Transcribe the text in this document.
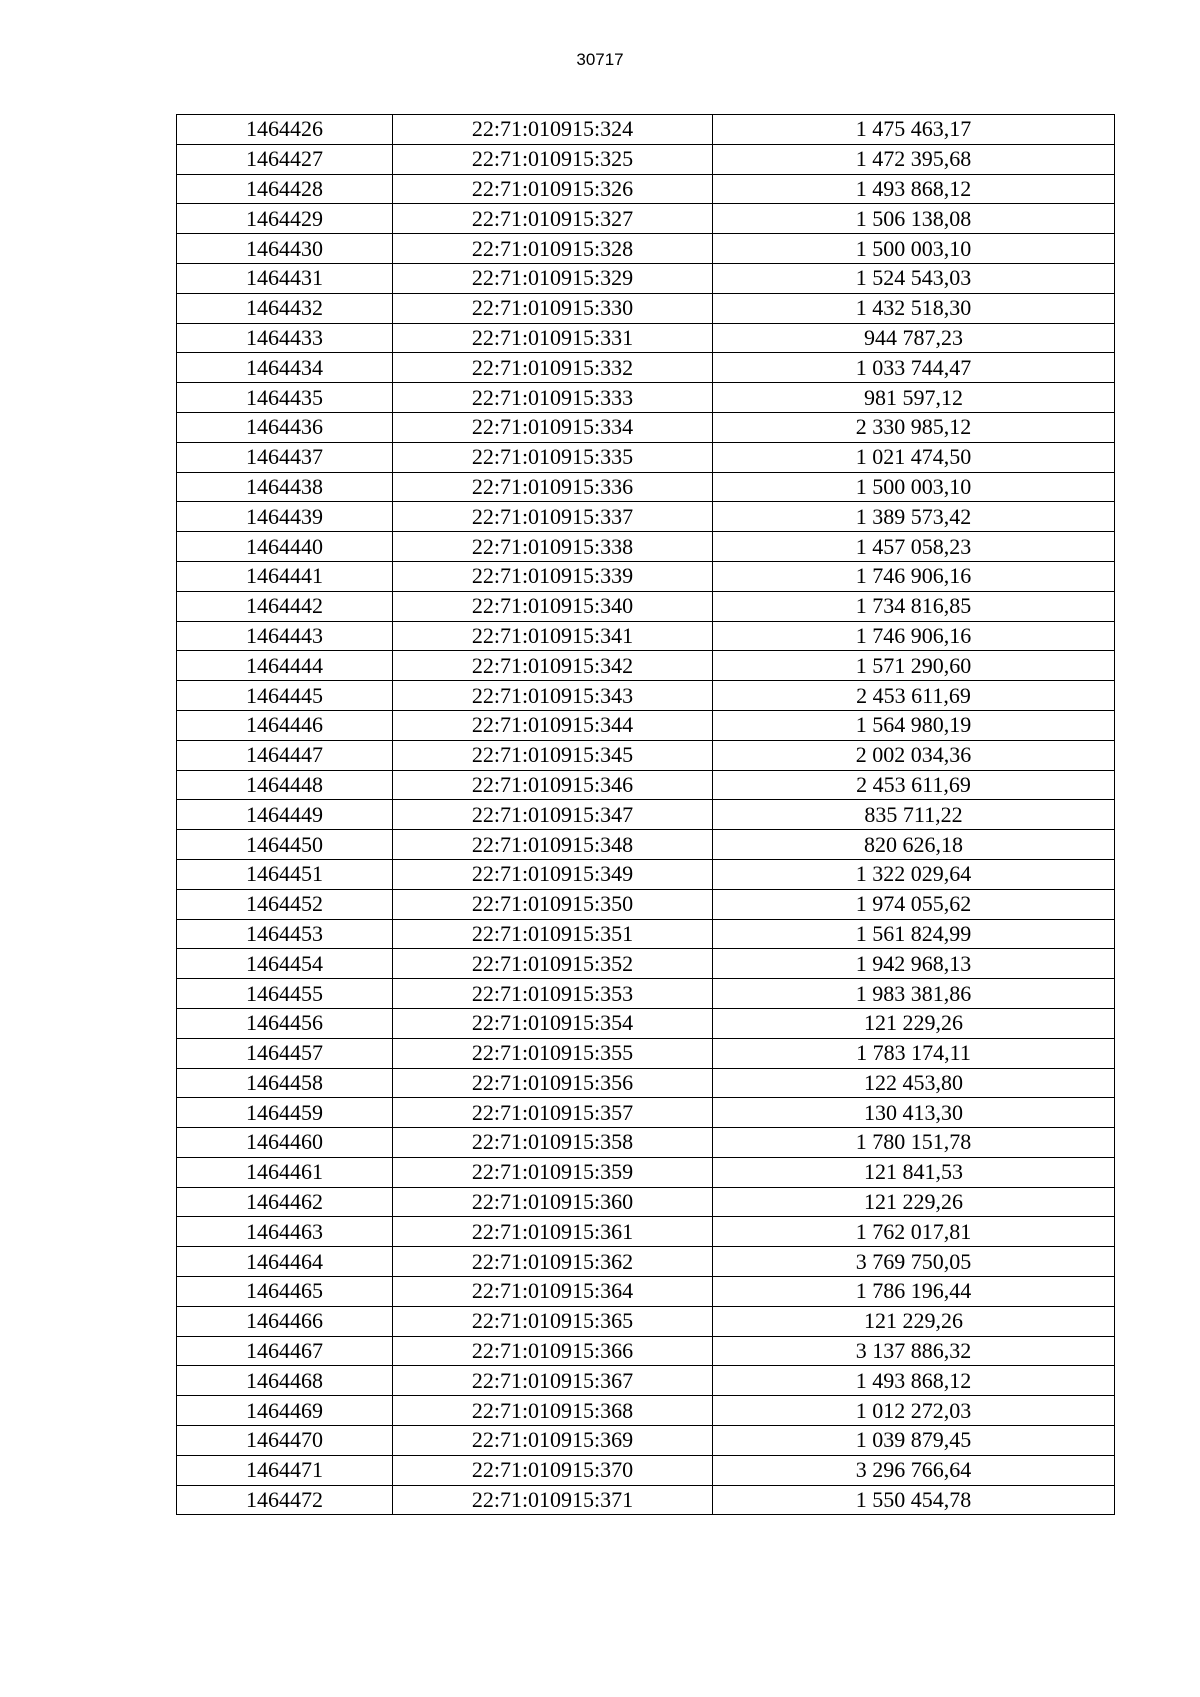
30717
1464426	22:71:010915:324	1 475 463,17
1464427	22:71:010915:325	1 472 395,68
1464428	22:71:010915:326	1 493 868,12
1464429	22:71:010915:327	1 506 138,08
1464430	22:71:010915:328	1 500 003,10
1464431	22:71:010915:329	1 524 543,03
1464432	22:71:010915:330	1 432 518,30
1464433	22:71:010915:331	944 787,23
1464434	22:71:010915:332	1 033 744,47
1464435	22:71:010915:333	981 597,12
1464436	22:71:010915:334	2 330 985,12
1464437	22:71:010915:335	1 021 474,50
1464438	22:71:010915:336	1 500 003,10
1464439	22:71:010915:337	1 389 573,42
1464440	22:71:010915:338	1 457 058,23
1464441	22:71:010915:339	1 746 906,16
1464442	22:71:010915:340	1 734 816,85
1464443	22:71:010915:341	1 746 906,16
1464444	22:71:010915:342	1 571 290,60
1464445	22:71:010915:343	2 453 611,69
1464446	22:71:010915:344	1 564 980,19
1464447	22:71:010915:345	2 002 034,36
1464448	22:71:010915:346	2 453 611,69
1464449	22:71:010915:347	835 711,22
1464450	22:71:010915:348	820 626,18
1464451	22:71:010915:349	1 322 029,64
1464452	22:71:010915:350	1 974 055,62
1464453	22:71:010915:351	1 561 824,99
1464454	22:71:010915:352	1 942 968,13
1464455	22:71:010915:353	1 983 381,86
1464456	22:71:010915:354	121 229,26
1464457	22:71:010915:355	1 783 174,11
1464458	22:71:010915:356	122 453,80
1464459	22:71:010915:357	130 413,30
1464460	22:71:010915:358	1 780 151,78
1464461	22:71:010915:359	121 841,53
1464462	22:71:010915:360	121 229,26
1464463	22:71:010915:361	1 762 017,81
1464464	22:71:010915:362	3 769 750,05
1464465	22:71:010915:364	1 786 196,44
1464466	22:71:010915:365	121 229,26
1464467	22:71:010915:366	3 137 886,32
1464468	22:71:010915:367	1 493 868,12
1464469	22:71:010915:368	1 012 272,03
1464470	22:71:010915:369	1 039 879,45
1464471	22:71:010915:370	3 296 766,64
1464472	22:71:010915:371	1 550 454,78
